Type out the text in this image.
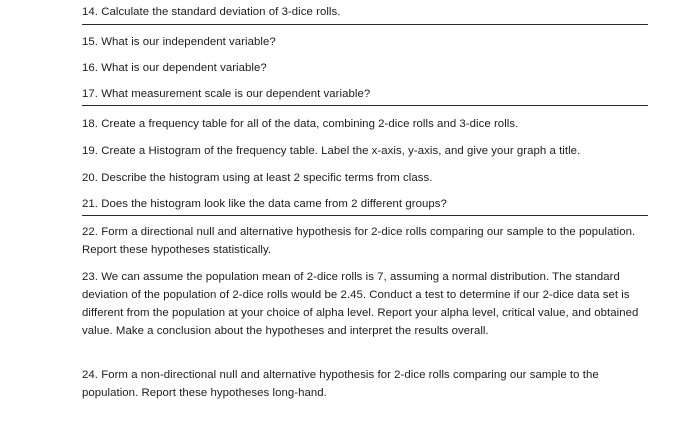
14. Calculate the standard deviation of 3-dice rolls.
15. What is our independent variable?
16. What is our dependent variable?
17. What measurement scale is our dependent variable?
18. Create a frequency table for all of the data, combining 2-dice rolls and 3-dice rolls.
19. Create a Histogram of the frequency table. Label the x-axis, y-axis, and give your graph a title.
20. Describe the histogram using at least 2 specific terms from class.
21. Does the histogram look like the data came from 2 different groups?
22. Form a directional null and alternative hypothesis for 2-dice rolls comparing our sample to the population. Report these hypotheses statistically.
23. We can assume the population mean of 2-dice rolls is 7, assuming a normal distribution. The standard deviation of the population of 2-dice rolls would be 2.45. Conduct a test to determine if our 2-dice data set is different from the population at your choice of alpha level. Report your alpha level, critical value, and obtained value. Make a conclusion about the hypotheses and interpret the results overall.
24. Form a non-directional null and alternative hypothesis for 2-dice rolls comparing our sample to the population. Report these hypotheses long-hand.
